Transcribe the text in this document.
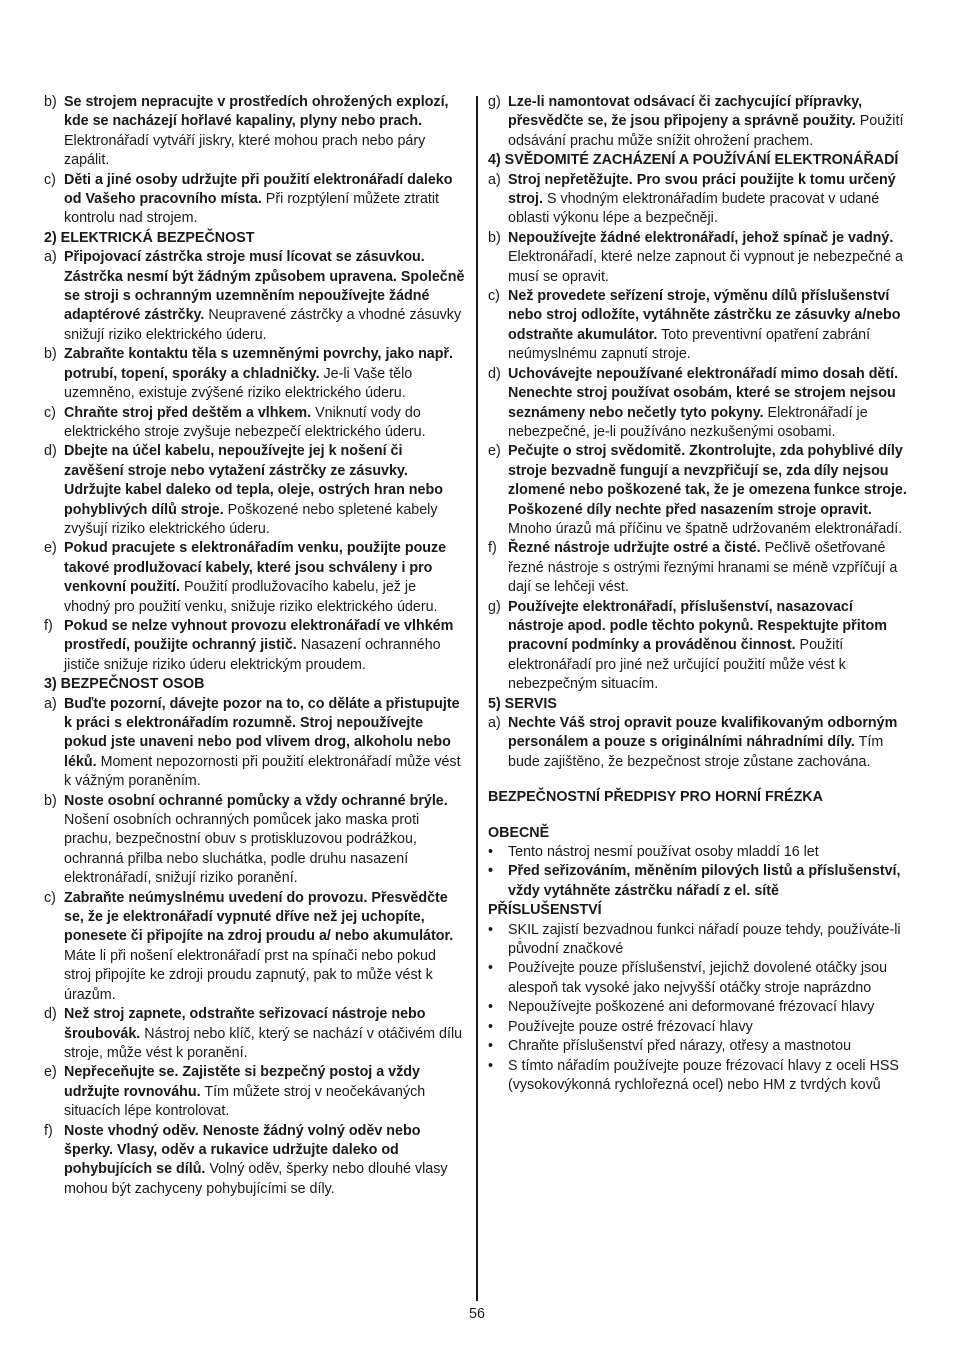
b) Se strojem nepracujte v prostředích ohrožených explozí, kde se nacházejí hořlavé kapaliny, plyny nebo prach. Elektronářadí vytváří jiskry, které mohou prach nebo páry zapálit.
c) Děti a jiné osoby udržujte při použití elektronářadí daleko od Vašeho pracovního místa. Při rozptýlení můžete ztratit kontrolu nad strojem.
2) ELEKTRICKÁ BEZPEČNOST
a) Připojovací zástrčka stroje musí lícovat se zásuvkou. Zástrčka nesmí být žádným způsobem upravena. Společně se stroji s ochranným uzemněním nepoužívejte žádné adaptérové zástrčky. Neupravené zástrčky a vhodné zásuvky snižují riziko elektrického úderu.
b) Zabraňte kontaktu těla s uzemněnými povrchy, jako např. potrubí, topení, sporáky a chladničky. Je-li Vaše tělo uzemněno, existuje zvýšené riziko elektrického úderu.
c) Chraňte stroj před deštěm a vlhkem. Vniknutí vody do elektrického stroje zvyšuje nebezpečí elektrického úderu.
d) Dbejte na účel kabelu, nepoužívejte jej k nošení či zavěšení stroje nebo vytažení zástrčky ze zásuvky. Udržujte kabel daleko od tepla, oleje, ostrých hran nebo pohyblivých dílů stroje. Poškozené nebo spletené kabely zvyšují riziko elektrického úderu.
e) Pokud pracujete s elektronářadím venku, použijte pouze takové prodlužovací kabely, které jsou schváleny i pro venkovní použití. Použití prodlužovacího kabelu, jež je vhodný pro použití venku, snižuje riziko elektrického úderu.
f) Pokud se nelze vyhnout provozu elektronářadí ve vlhkém prostředí, použijte ochranný jistič. Nasazení ochranného jističe snižuje riziko úderu elektrickým proudem.
3) BEZPEČNOST OSOB
a) Buďte pozorní, dávejte pozor na to, co děláte a přistupujte k práci s elektronářadím rozumně. Stroj nepoužívejte pokud jste unaveni nebo pod vlivem drog, alkoholu nebo léků. Moment nepozornosti při použití elektronářadí může vést k vážným poraněním.
b) Noste osobní ochranné pomůcky a vždy ochranné brýle. Nošení osobních ochranných pomůcek jako maska proti prachu, bezpečnostní obuv s protiskluzovou podrážkou, ochranná přilba nebo sluchátka, podle druhu nasazení elektronářadí, snižují riziko poranění.
c) Zabraňte neúmyslnému uvedení do provozu. Přesvědčte se, že je elektronářadí vypnuté dříve než jej uchopíte, ponesete či připojíte na zdroj proudu a/ nebo akumulátor. Máte li při nošení elektronářadí prst na spínači nebo pokud stroj připojíte ke zdroji proudu zapnutý, pak to může vést k úrazům.
d) Než stroj zapnete, odstraňte seřizovací nástroje nebo šroubovák. Nástroj nebo klíč, který se nachází v otáčivém dílu stroje, může vést k poranění.
e) Nepřeceňujte se. Zajistěte si bezpečný postoj a vždy udržujte rovnováhu. Tím můžete stroj v neočekávaných situacích lépe kontrolovat.
f) Noste vhodný oděv. Nenoste žádný volný oděv nebo šperky. Vlasy, oděv a rukavice udržujte daleko od pohybujících se dílů. Volný oděv, šperky nebo dlouhé vlasy mohou být zachyceny pohybujícími se díly.
g) Lze-li namontovat odsávací či zachycující přípravky, přesvědčte se, že jsou připojeny a správně použity. Použití odsávání prachu může snížit ohrožení prachem.
4) SVĚDOMITÉ ZACHÁZENÍ A POUŽÍVÁNÍ ELEKTRONÁŘADÍ
a) Stroj nepřetěžujte. Pro svou práci použijte k tomu určený stroj. S vhodným elektronářadím budete pracovat v udané oblasti výkonu lépe a bezpečněji.
b) Nepoužívejte žádné elektronářadí, jehož spínač je vadný. Elektronářadí, které nelze zapnout či vypnout je nebezpečné a musí se opravit.
c) Než provedete seřízení stroje, výměnu dílů příslušenství nebo stroj odložíte, vytáhněte zástrčku ze zásuvky a/nebo odstraňte akumulátor. Toto preventivní opatření zabrání neúmyslnému zapnutí stroje.
d) Uchovávejte nepoužívané elektronářadí mimo dosah dětí. Nenechte stroj používat osobám, které se strojem nejsou seznámeny nebo nečetly tyto pokyny. Elektronářadí je nebezpečné, je-li používáno nezkušenými osobami.
e) Pečujte o stroj svědomitě. Zkontrolujte, zda pohyblivé díly stroje bezvadně fungují a nevzpřičují se, zda díly nejsou zlomené nebo poškozené tak, že je omezena funkce stroje. Poškozené díly nechte před nasazením stroje opravit. Mnoho úrazů má příčinu ve špatně udržovaném elektronářadí.
f) Řezné nástroje udržujte ostré a čisté. Pečlivě ošetřované řezné nástroje s ostrými řeznými hranami se méně vzpříčují a dají se lehčeji vést.
g) Používejte elektronářadí, příslušenství, nasazovací nástroje apod. podle těchto pokynů. Respektujte přitom pracovní podmínky a prováděnou činnost. Použití elektronářadí pro jiné než určující použití může vést k nebezpečným situacím.
5) SERVIS
a) Nechte Váš stroj opravit pouze kvalifikovaným odborným personálem a pouze s originálními náhradními díly. Tím bude zajištěno, že bezpečnost stroje zůstane zachována.
BEZPEČNOSTNÍ PŘEDPISY PRO HORNÍ FRÉZKA
OBECNĚ
•	Tento nástroj nesmí používat osoby mladdí 16 let
•	Před seřizováním, měněním pilových listů a příslušenství, vždy vytáhněte zástrčku nářadí z el. sítě
PŘÍSLUŠENSTVÍ
•	SKIL zajistí bezvadnou funkci nářadí pouze tehdy, používáte-li původní značkové
•	Používejte pouze příslušenství, jejichž dovolené otáčky jsou alespoň tak vysoké jako nejvyšší otáčky stroje naprázdno
•	Nepoužívejte poškozené ani deformované frézovací hlavy
•	Používejte pouze ostré frézovací hlavy
•	Chraňte příslušenství před nárazy, otřesy a mastnotou
•	S tímto nářadím používejte pouze frézovací hlavy z oceli HSS (vysokovýkonná rychlořezná ocel) nebo HM z tvrdých kovů
56
